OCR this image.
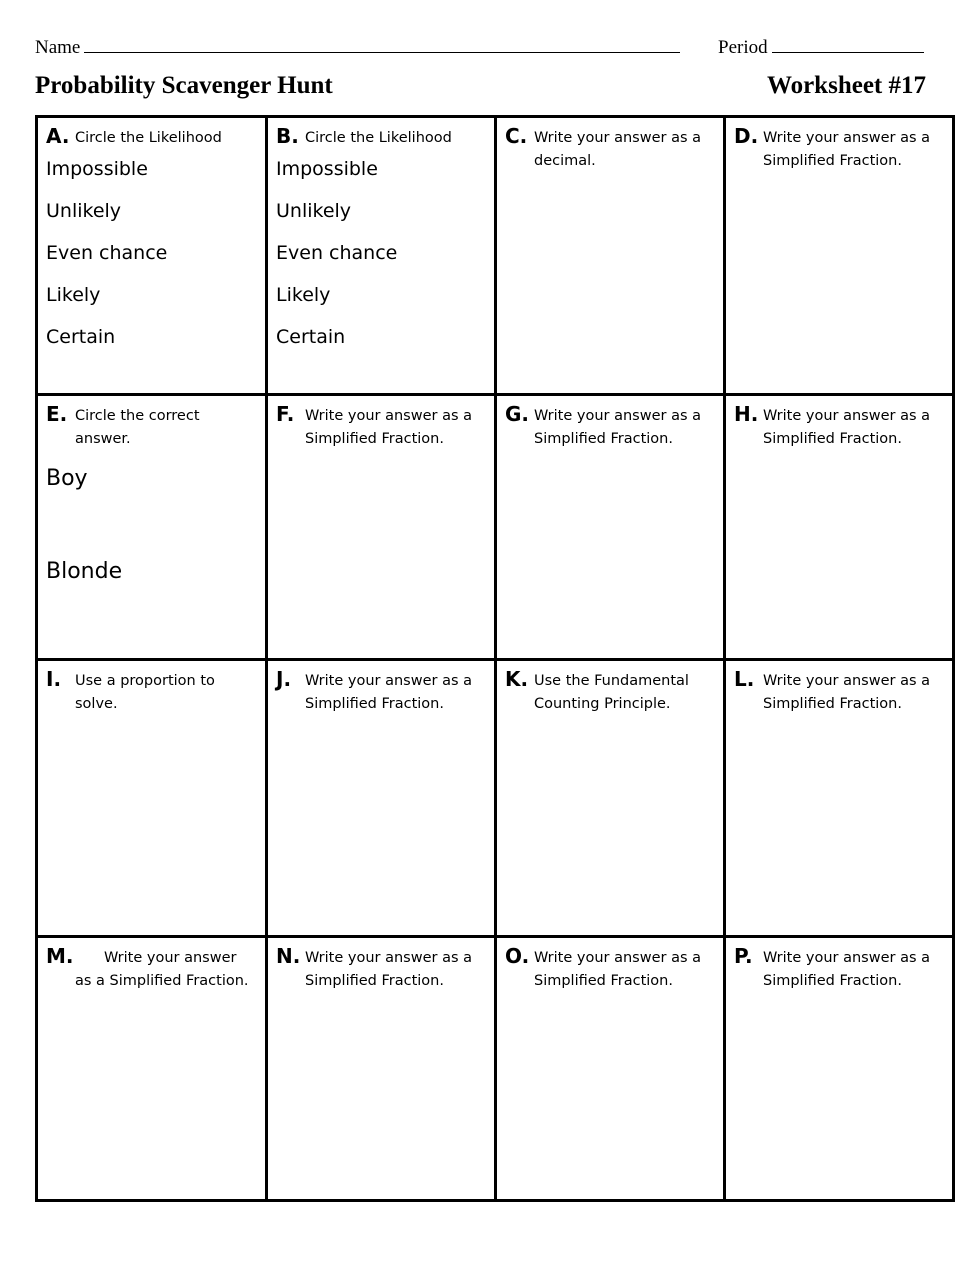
Name	Period
Probability Scavenger Hunt	Worksheet #17
A. Circle the Likelihood
Impossible
Unlikely
Even chance
Likely
Certain
B. Circle the Likelihood
Impossible
Unlikely
Even chance
Likely
Certain
C. Write your answer as a decimal.
D. Write your answer as a Simplified Fraction.
E. Circle the correct answer.
Boy
Blonde
F. Write your answer as a Simplified Fraction.
G. Write your answer as a Simplified Fraction.
H. Write your answer as a Simplified Fraction.
I. Use a proportion to solve.
J. Write your answer as a Simplified Fraction.
K. Use the Fundamental Counting Principle.
L. Write your answer as a Simplified Fraction.
M.	Write your answer as a Simplified Fraction.
N. Write your answer as a Simplified Fraction.
O. Write your answer as a Simplified Fraction.
P. Write your answer as a Simplified Fraction.
